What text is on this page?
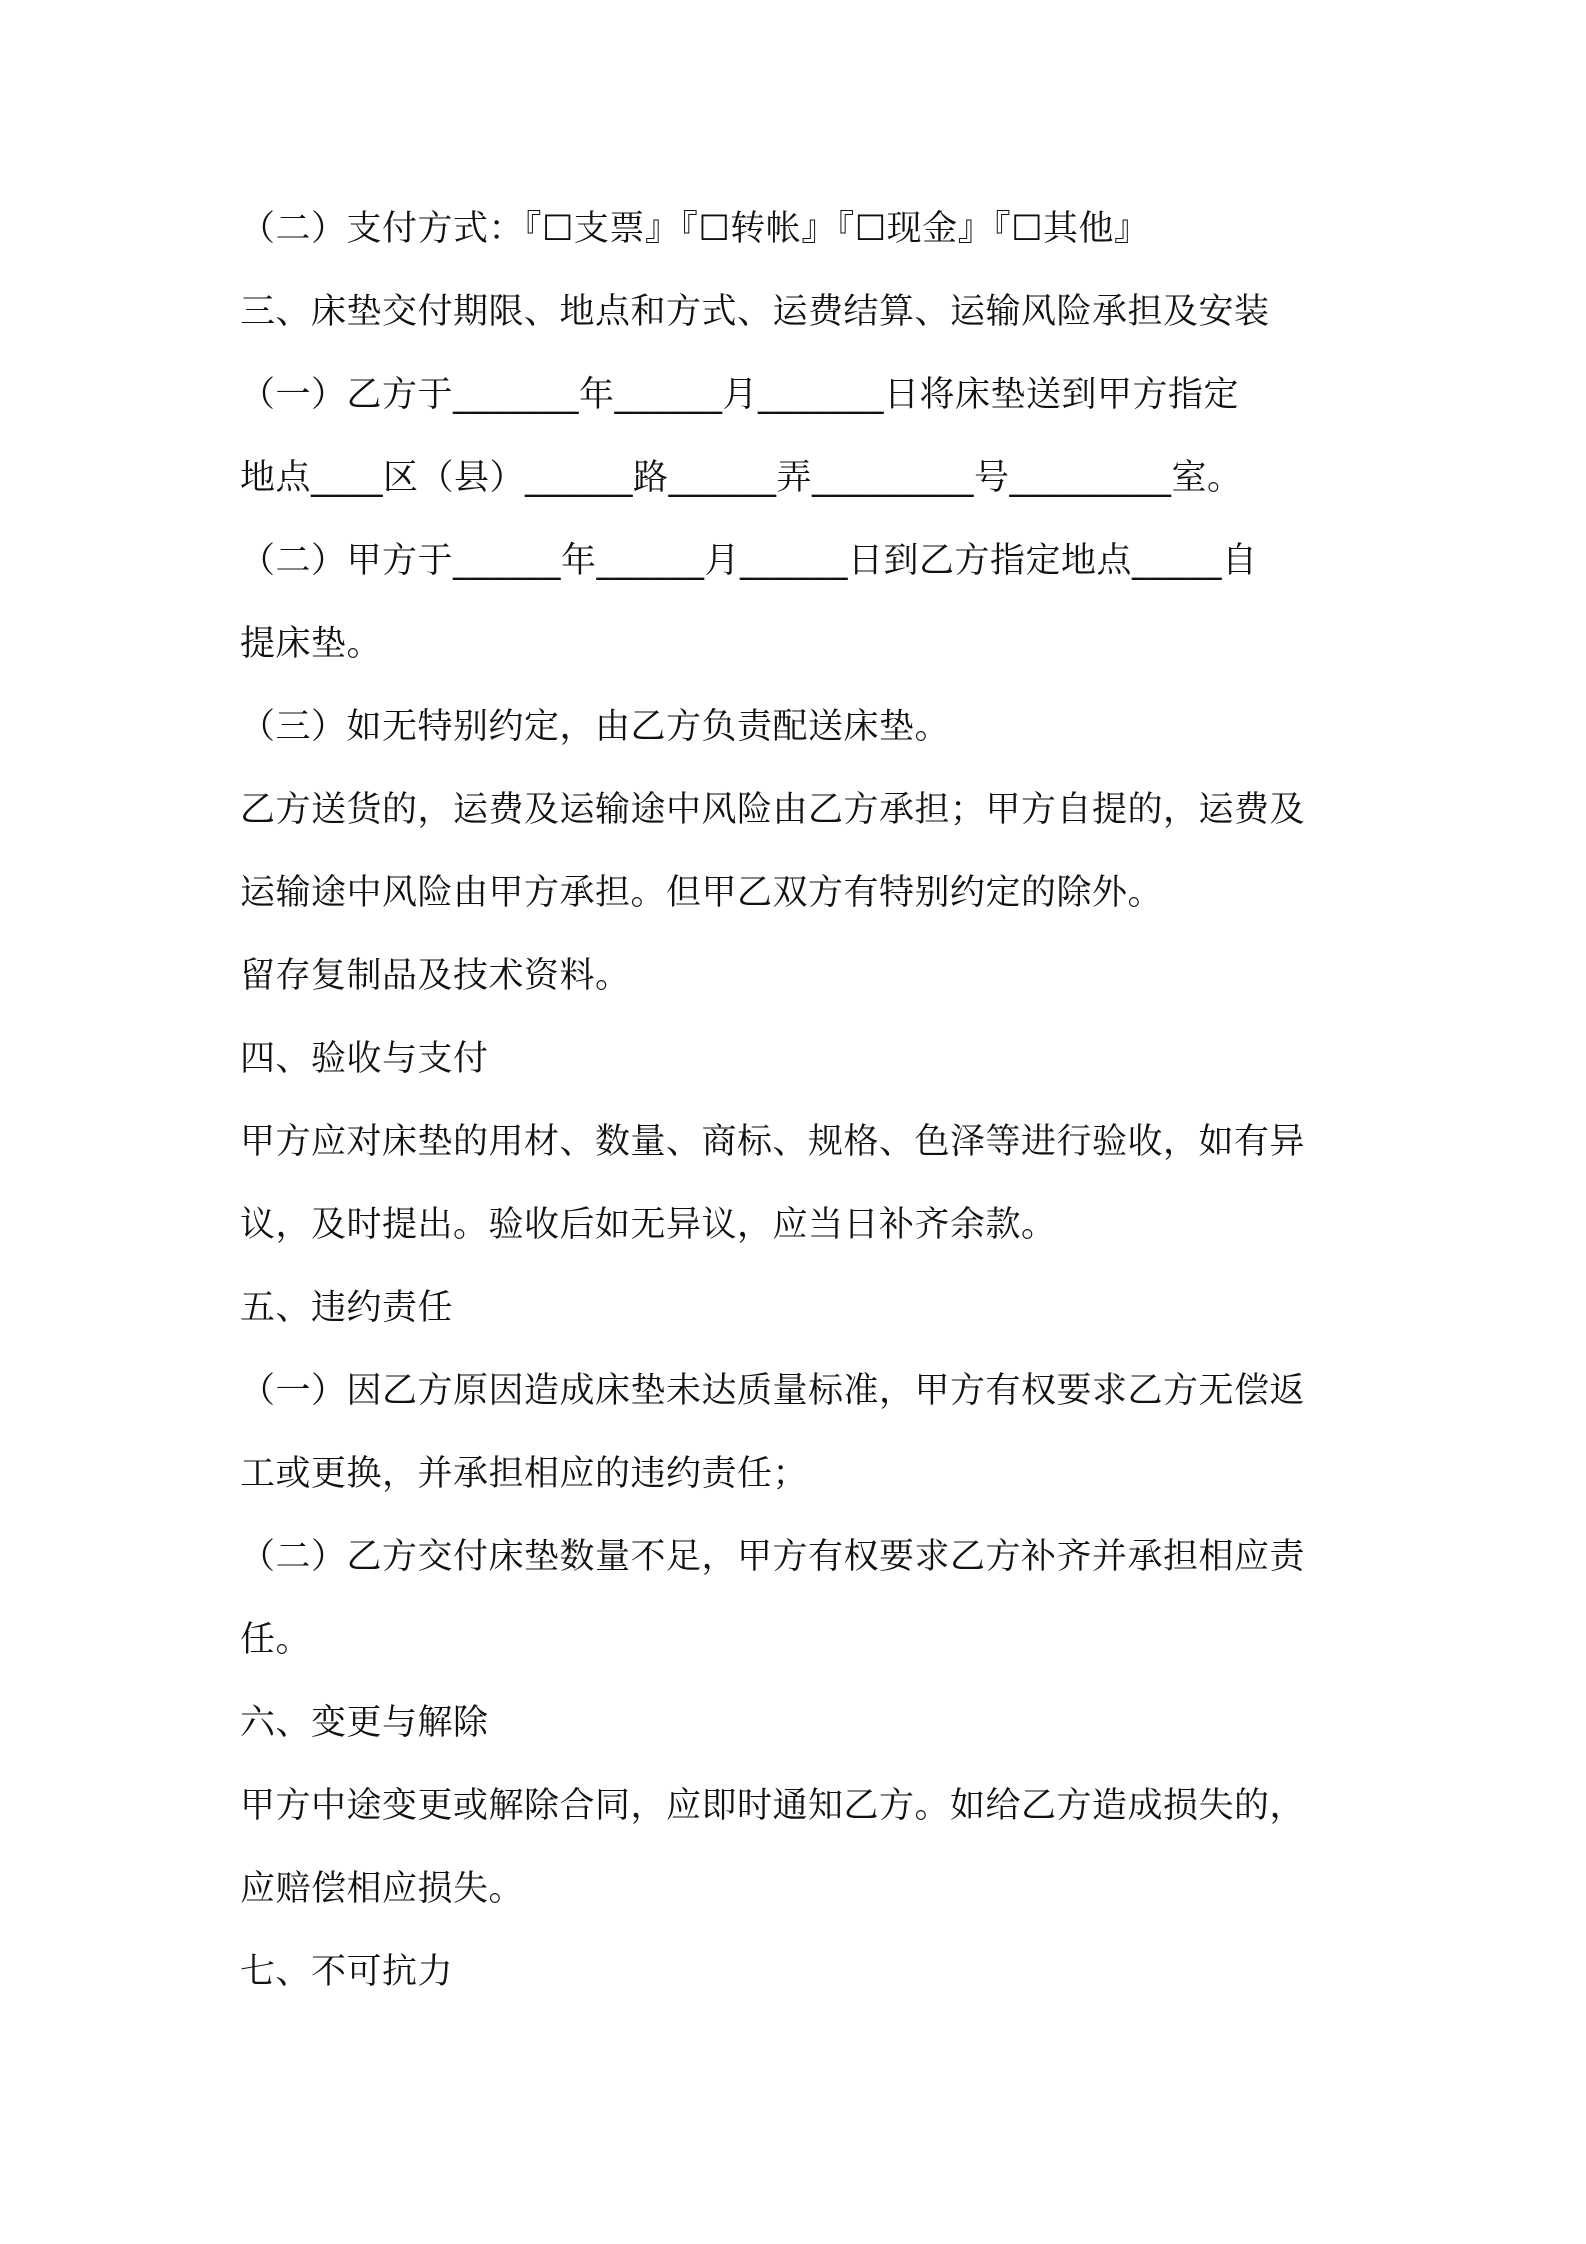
（二）支付方式：『☐支票』『☐转帐』『☐现金』『☐其他』
三、床垫交付期限、地点和方式、运费结算、运输风险承担及安装
（一）乙方于_______年______月_______日将床垫送到甲方指定
地点____区（县）______路______弄_________号_________室。
（二）甲方于______年______月______日到乙方指定地点_____自
提床垫。
（三）如无特别约定，由乙方负责配送床垫。
乙方送货的，运费及运输途中风险由乙方承担；甲方自提的，运费及
运输途中风险由甲方承担。但甲乙双方有特别约定的除外。
留存复制品及技术资料。
四、验收与支付
甲方应对床垫的用材、数量、商标、规格、色泽等进行验收，如有异
议，及时提出。验收后如无异议，应当日补齐余款。
五、违约责任
（一）因乙方原因造成床垫未达质量标准，甲方有权要求乙方无偿返
工或更换，并承担相应的违约责任；
（二）乙方交付床垫数量不足，甲方有权要求乙方补齐并承担相应责
任。
六、变更与解除
甲方中途变更或解除合同，应即时通知乙方。如给乙方造成损失的，
应赔偿相应损失。
七、不可抗力
